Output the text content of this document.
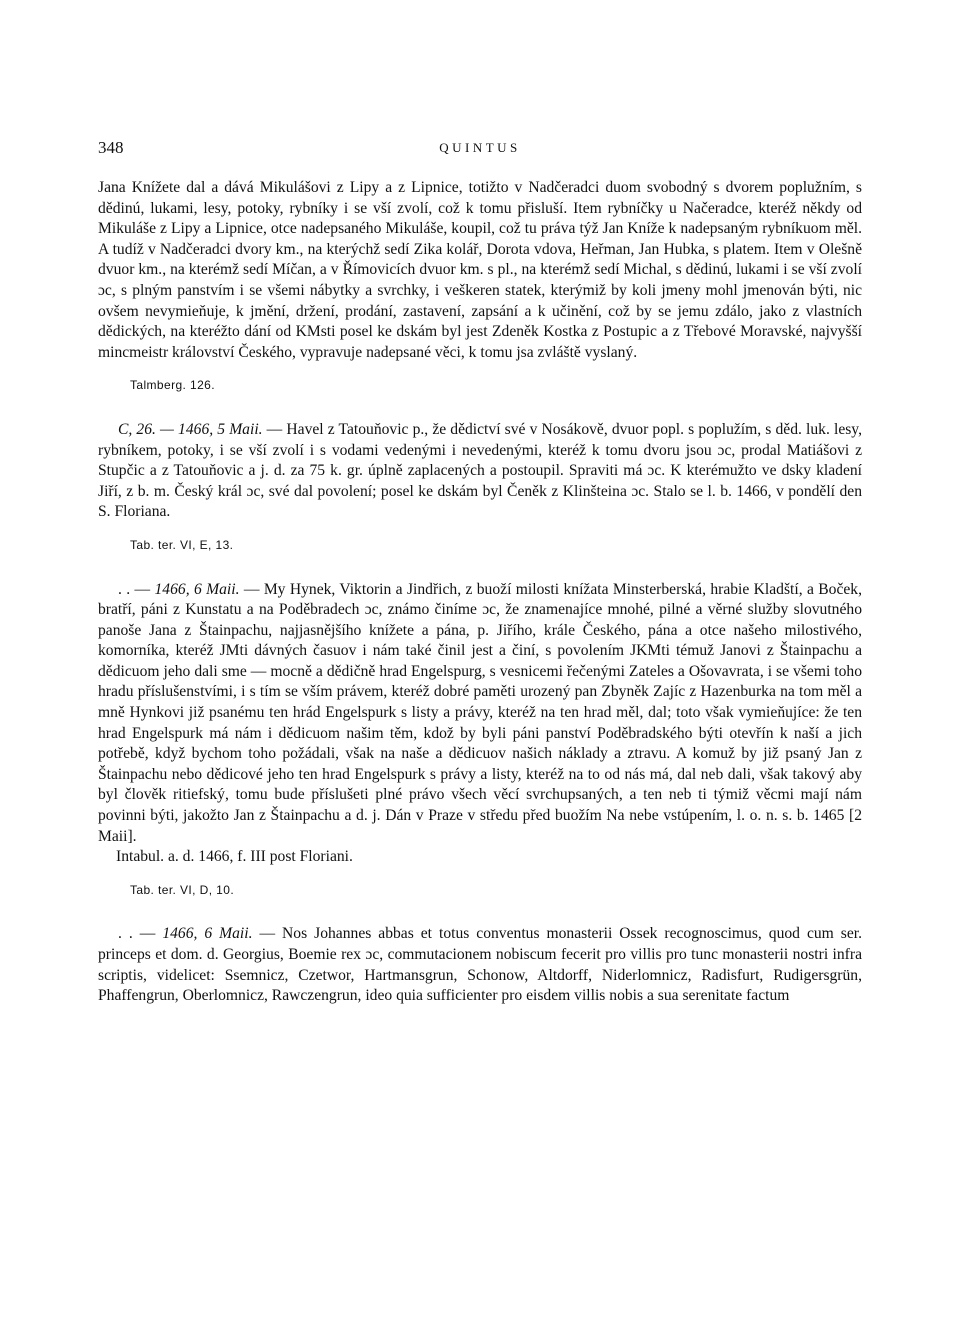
348	QUINTUS

Jana Knížete dal a dává Mikulášovi z Lipy a z Lipnice, totižto v Nadčeradci duom svobodný s dvorem poplužním, s dědinú, lukami, lesy, potoky, rybníky i se vší zvolí, což k tomu přisluší. Item rybníčky u Načeradce, kteréž někdy od Mikuláše z Lipy a Lipnice, otce nadepsaného Mikuláše, koupil, což tu práva týž Jan Kníže k nadepsaným rybníkuom měl. A tudíž v Nadčeradci dvory km., na kterýchž sedí Zika kolář, Dorota vdova, Heřman, Jan Hubka, s platem. Item v Olešně dvuor km., na kterémž sedí Míčan, a v Římovicích dvuor km. s pl., na kterémž sedí Michal, s dědinú, lukami i se vší zvolí ɔc, s plným panstvím i se všemi nábytky a svrchky, i veškeren statek, kterýmiž by koli jmeny mohl jmenován býti, nic ovšem nevymieňuje, k jmění, držení, prodání, zastavení, zapsání a k učinění, což by se jemu zdálo, jako z vlastních dědických, na kteréžto dání od KMsti posel ke dskám byl jest Zdeněk Kostka z Postupic a z Třebové Moravské, najvyšší mincmeistr království Českého, vypravuje nadepsané věci, k tomu jsa zvláště vyslaný.

Talmberg. 126.

C, 26. — 1466, 5 Maii. — Havel z Tatouňovic p., že dědictví své v Nosákově, dvuor popl. s poplužím, s děd. luk. lesy, rybníkem, potoky, i se vší zvolí i s vodami vedenými i nevedenými, kteréž k tomu dvoru jsou ɔc, prodal Matiášovi z Stupčic a z Tatouňovic a j. d. za 75 k. gr. úplně zaplacených a postoupil. Spraviti má ɔc. K kterémužto ve dsky kladení Jiří, z b. m. Český král ɔc, své dal povolení; posel ke dskám byl Čeněk z Klinšteina ɔc. Stalo se l. b. 1466, v pondělí den S. Floriana.

Tab. ter. VI, E, 13.

. . — 1466, 6 Maii. — My Hynek, Viktorin a Jindřich, z buoží milosti knížata Minsterberská, hrabie Kladští, a Boček, bratří, páni z Kunstatu a na Poděbradech ɔc, známo činíme ɔc, že znamenajíce mnohé, pilné a věrné služby slovutného panoše Jana z Štainpachu, najjasnějšího knížete a pána, p. Jiřího, krále Českého, pána a otce našeho milostivého, komorníka, kteréž JMti dávných časuov i nám také činil jest a činí, s povolením JKMti témuž Janovi z Štainpachu a dědicuom jeho dali sme — mocně a dědičně hrad Engelspurg, s vesnicemi řečenými Zateles a Ošovavrata, i se všemi toho hradu příslušenstvími, i s tím se vším právem, kteréž dobré paměti urozený pan Zbyněk Zajíc z Hazenburka na tom měl a mně Hynkovi již psanému ten hrád Engelspurk s listy a právy, kteréž na ten hrad měl, dal; toto však vymieňujíce: že ten hrad Engelspurk má nám i dědicuom našim těm, kdož by byli páni panství Poděbradského býti otevřín k naší a jich potřebě, když bychom toho požádali, však na naše a dědicuov našich náklady a ztravu. A komuž by již psaný Jan z Štainpachu nebo dědicové jeho ten hrad Engelspurk s právy a listy, kteréž na to od nás má, dal neb dali, však takový aby byl člověk ritiefský, tomu bude příslušeti plné právo všech věcí svrchupsaných, a ten neb ti týmiž věcmi mají nám povinni býti, jakožto Jan z Štainpachu a d. j. Dán v Praze v středu před buožím Na nebe vstúpením, l. o. n. s. b. 1465 [2 Maii].

Intabul. a. d. 1466, f. III post Floriani.

Tab. ter. VI, D, 10.

. . — 1466, 6 Maii. — Nos Johannes abbas et totus conventus monasterii Ossek recognoscimus, quod cum ser. princeps et dom. d. Georgius, Boemie rex ɔc, commutacionem nobiscum fecerit pro villis pro tunc monasterii nostri infra scriptis, videlicet: Ssemnicz, Czetwor, Hartmansgrun, Schonow, Altdorff, Niderlomnicz, Radisfurt, Rudigersgrün, Phaffengrun, Oberlomnicz, Rawczengrun, ideo quia sufficienter pro eisdem villis nobis a sua serenitate factum
